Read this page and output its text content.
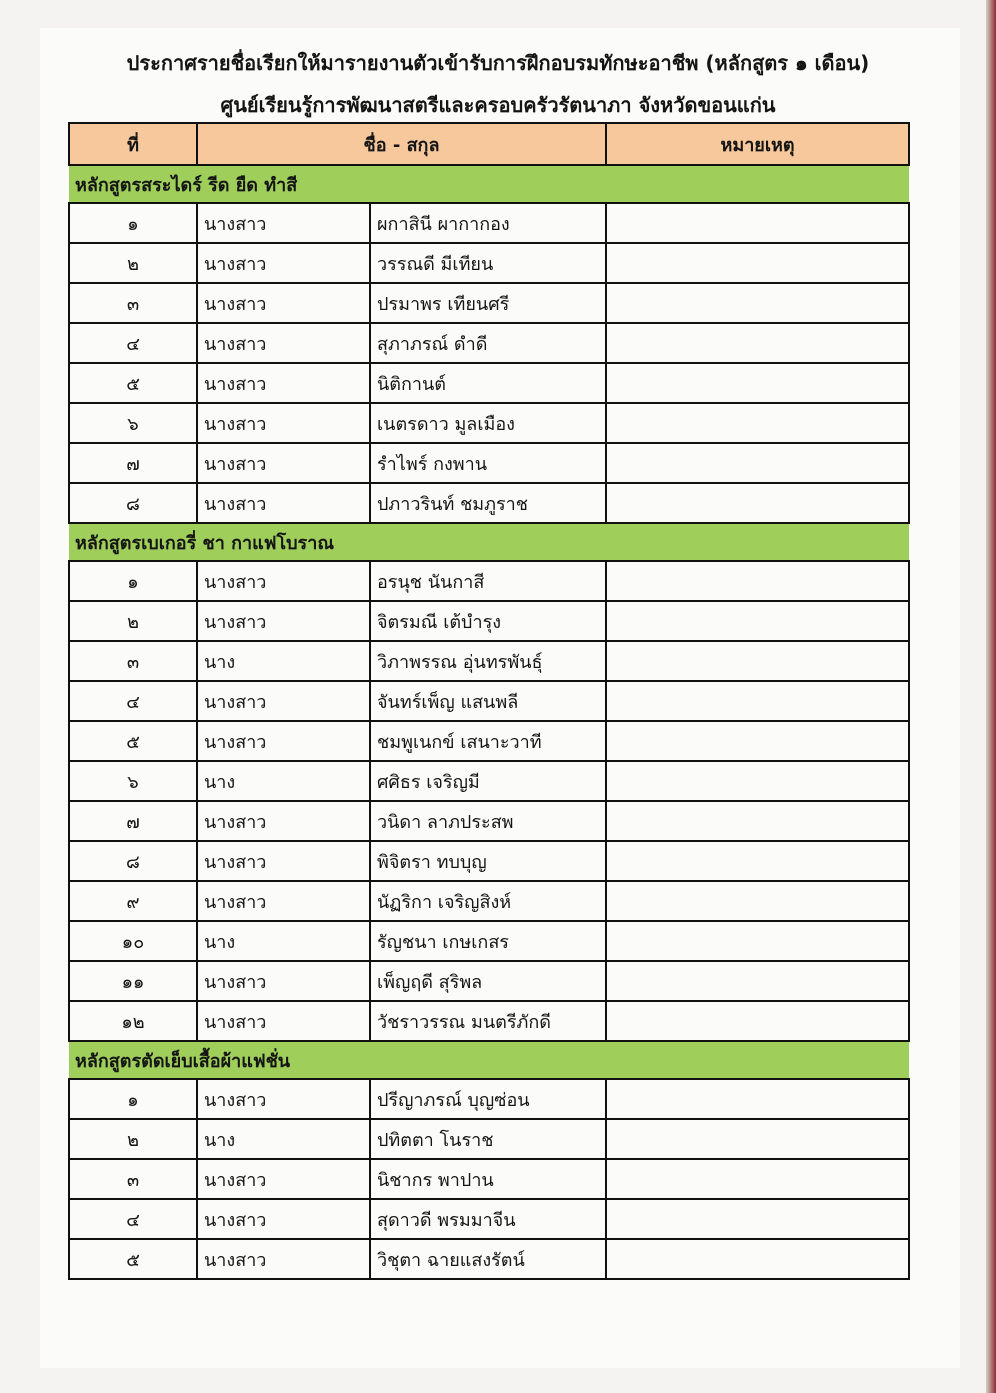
ประกาศรายชื่อเรียกให้มารายงานตัวเข้ารับการฝึกอบรมทักษะอาชีพ (หลักสูตร ๑ เดือน)
ศูนย์เรียนรู้การพัฒนาสตรีและครอบครัวรัตนาภา จังหวัดขอนแก่น
ที่	ชื่อ - สกุล		หมายเหตุ
หลักสูตรสระไดร์ รีด ยืด ทำสี			
๑	นางสาว	ผกาสินี ผากากอง	
๒	นางสาว	วรรณดี มีเทียน	
๓	นางสาว	ปรมาพร เทียนศรี	
๔	นางสาว	สุภาภรณ์ ดำดี	
๕	นางสาว	นิติกานต์	
๖	นางสาว	เนตรดาว มูลเมือง	
๗	นางสาว	รำไพร์ กงพาน	
๘	นางสาว	ปภาวรินท์ ชมภูราช	
หลักสูตรเบเกอรี่ ชา กาแฟโบราณ			
๑	นางสาว	อรนุช นันกาสี	
๒	นางสาว	จิตรมณี เต้บำรุง	
๓	นาง	วิภาพรรณ อุ่นทรพันธุ์	
๔	นางสาว	จันทร์เพ็ญ แสนพลี	
๕	นางสาว	ชมพูเนกข์ เสนาะวาที	
๖	นาง	ศศิธร เจริญมี	
๗	นางสาว	วนิดา ลาภประสพ	
๘	นางสาว	พิจิตรา ทบบุญ	
๙	นางสาว	นัฏริกา เจริญสิงห์	
๑๐	นาง	รัญชนา เกษเกสร	
๑๑	นางสาว	เพ็ญฤดี สุริพล	
๑๒	นางสาว	วัชราวรรณ มนตรีภักดี	
หลักสูตรตัดเย็บเสื้อผ้าแฟชั่น			
๑	นางสาว	ปรีญาภรณ์ บุญซ่อน	
๒	นาง	ปทิตตา โนราช	
๓	นางสาว	นิชากร พาปาน	
๔	นางสาว	สุดาวดี พรมมาจีน	
๕	นางสาว	วิชุตา ฉายแสงรัตน์	
